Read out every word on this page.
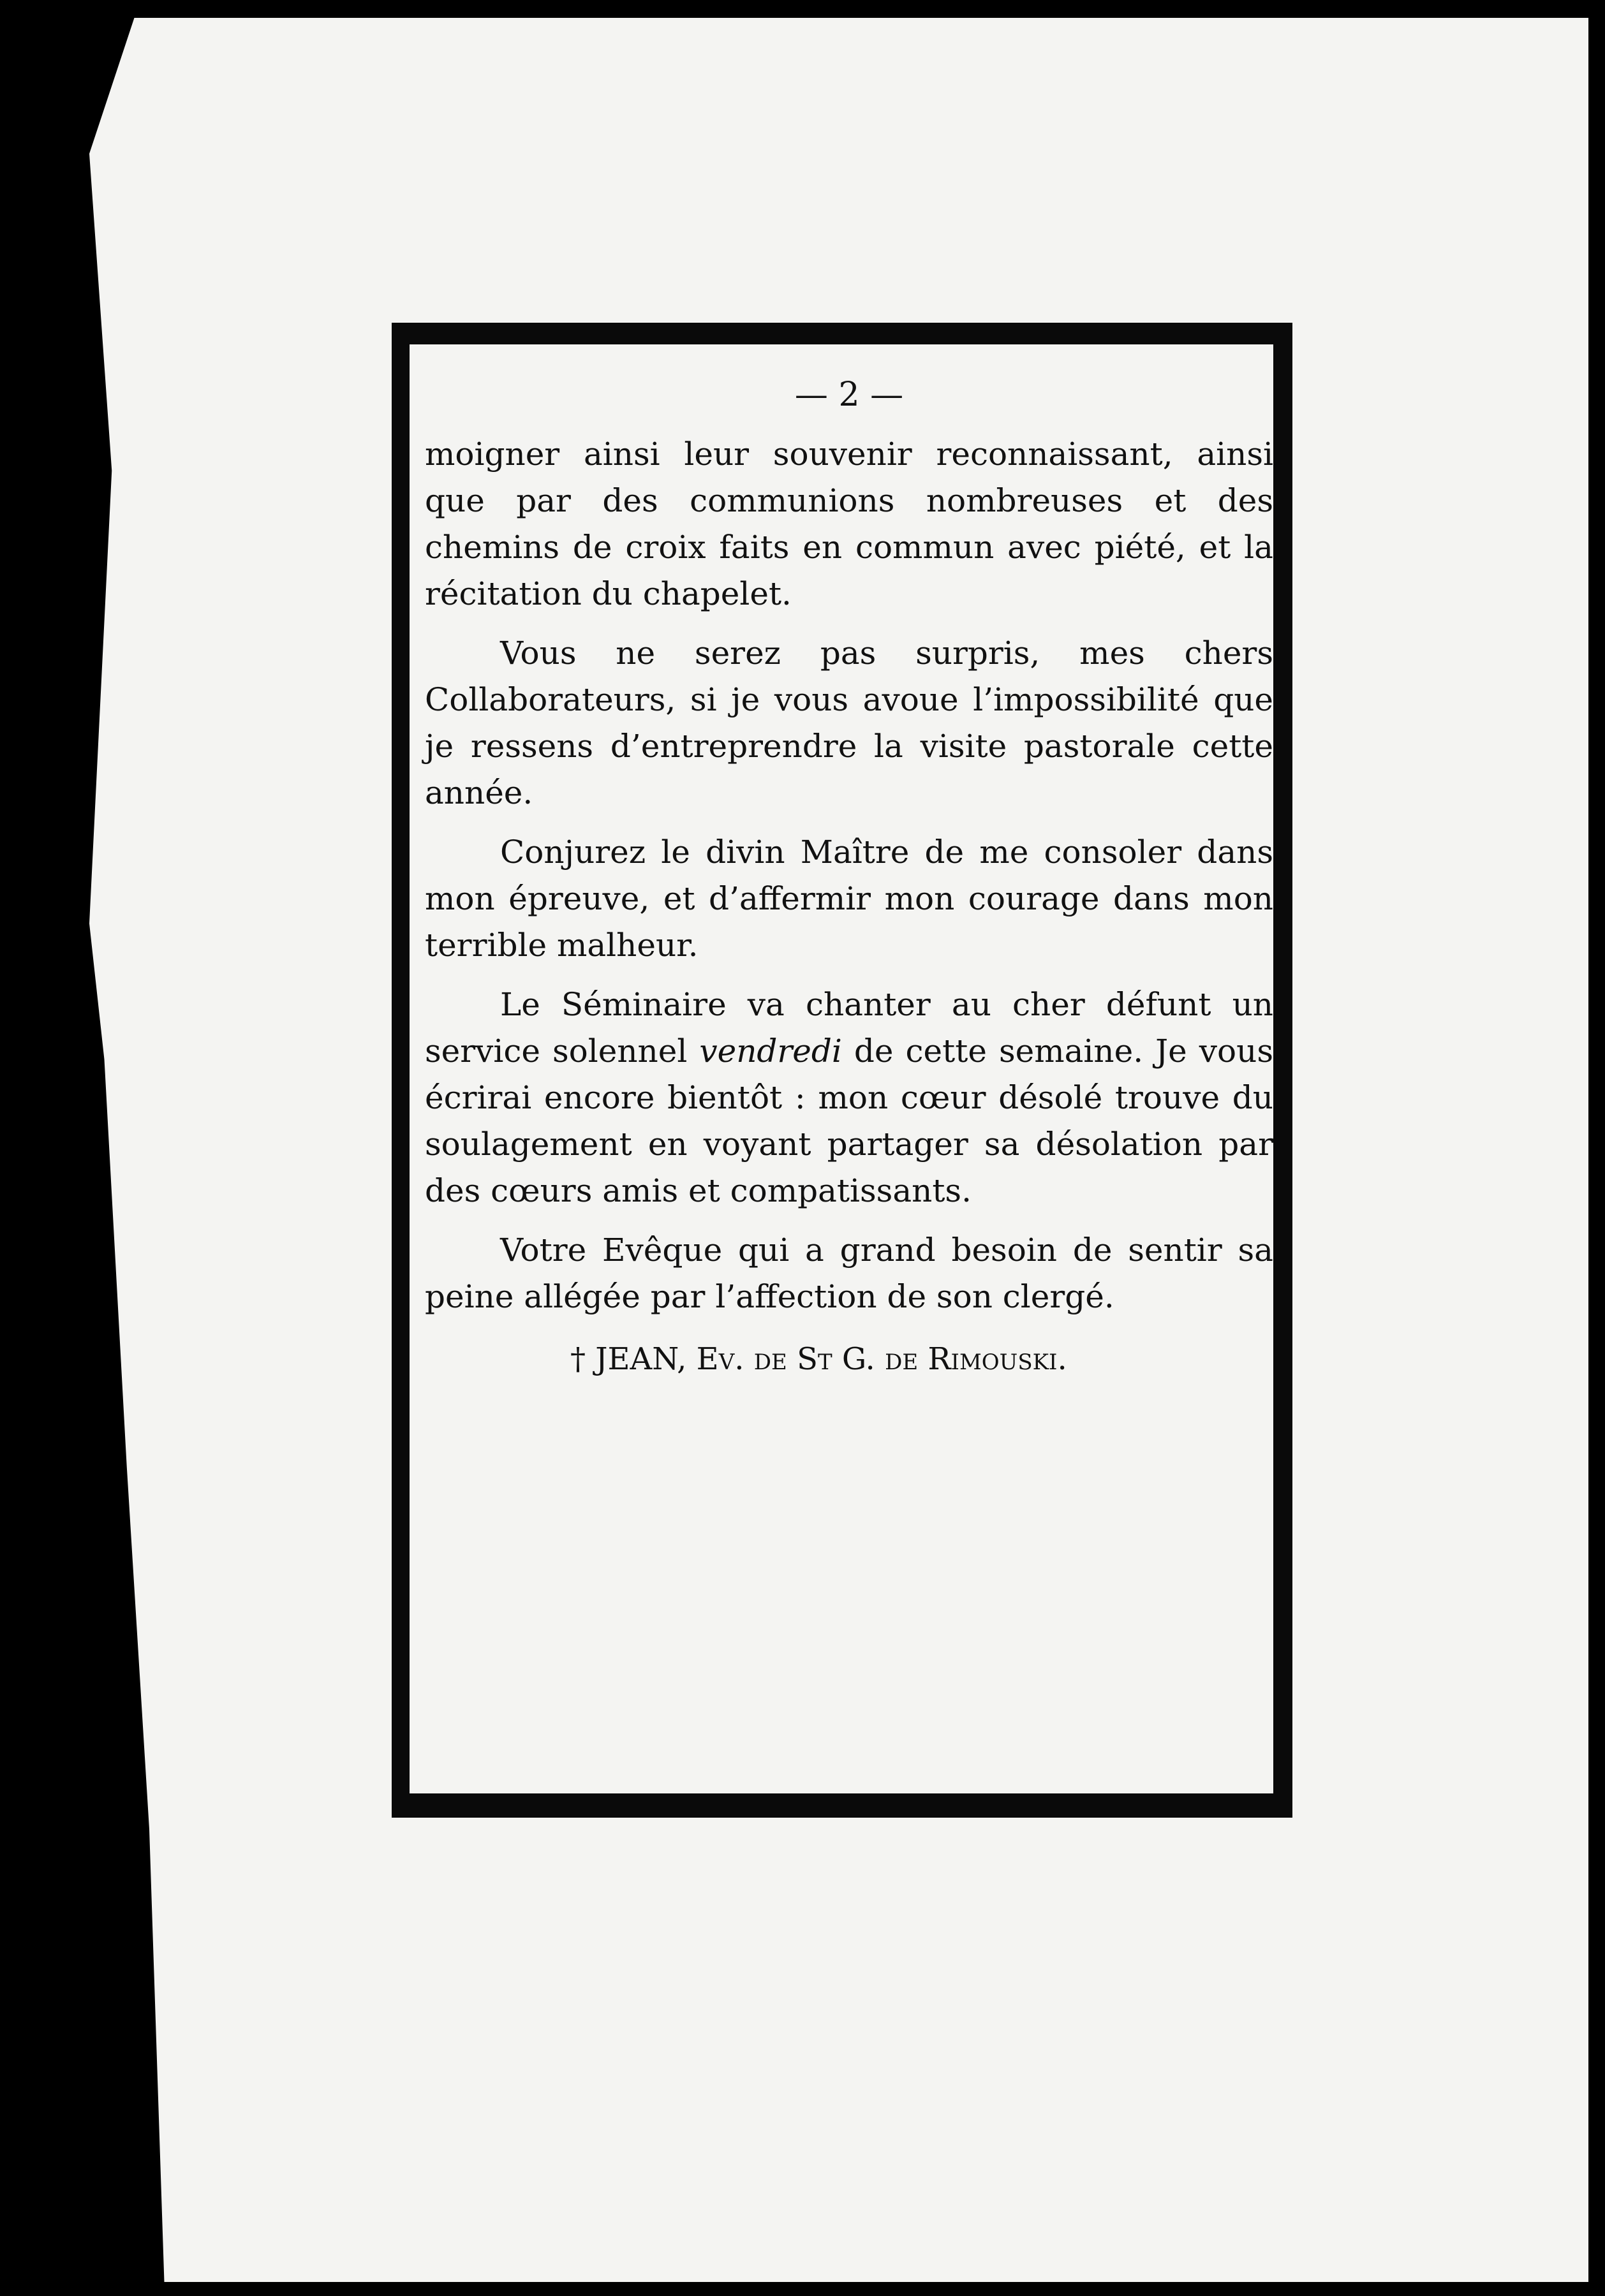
— 2 —

moigner ainsi leur souvenir reconnaissant, ainsi que par des communions nombreuses et des chemins de croix faits en commun avec piété, et la récitation du chapelet.

Vous ne serez pas surpris, mes chers Collaborateurs, si je vous avoue l’impossibilité que je ressens d’entreprendre la visite pastorale cette année.

Conjurez le divin Maître de me consoler dans mon épreuve, et d’affermir mon courage dans mon terrible malheur.

Le Séminaire va chanter au cher défunt un service solennel vendredi de cette semaine. Je vous écrirai encore bientôt : mon cœur désolé trouve du soulagement en voyant partager sa désolation par des cœurs amis et compatissants.

Votre Evêque qui a grand besoin de sentir sa peine allégée par l’affection de son clergé.

† JEAN, Ev. de St G. de Rimouski.
